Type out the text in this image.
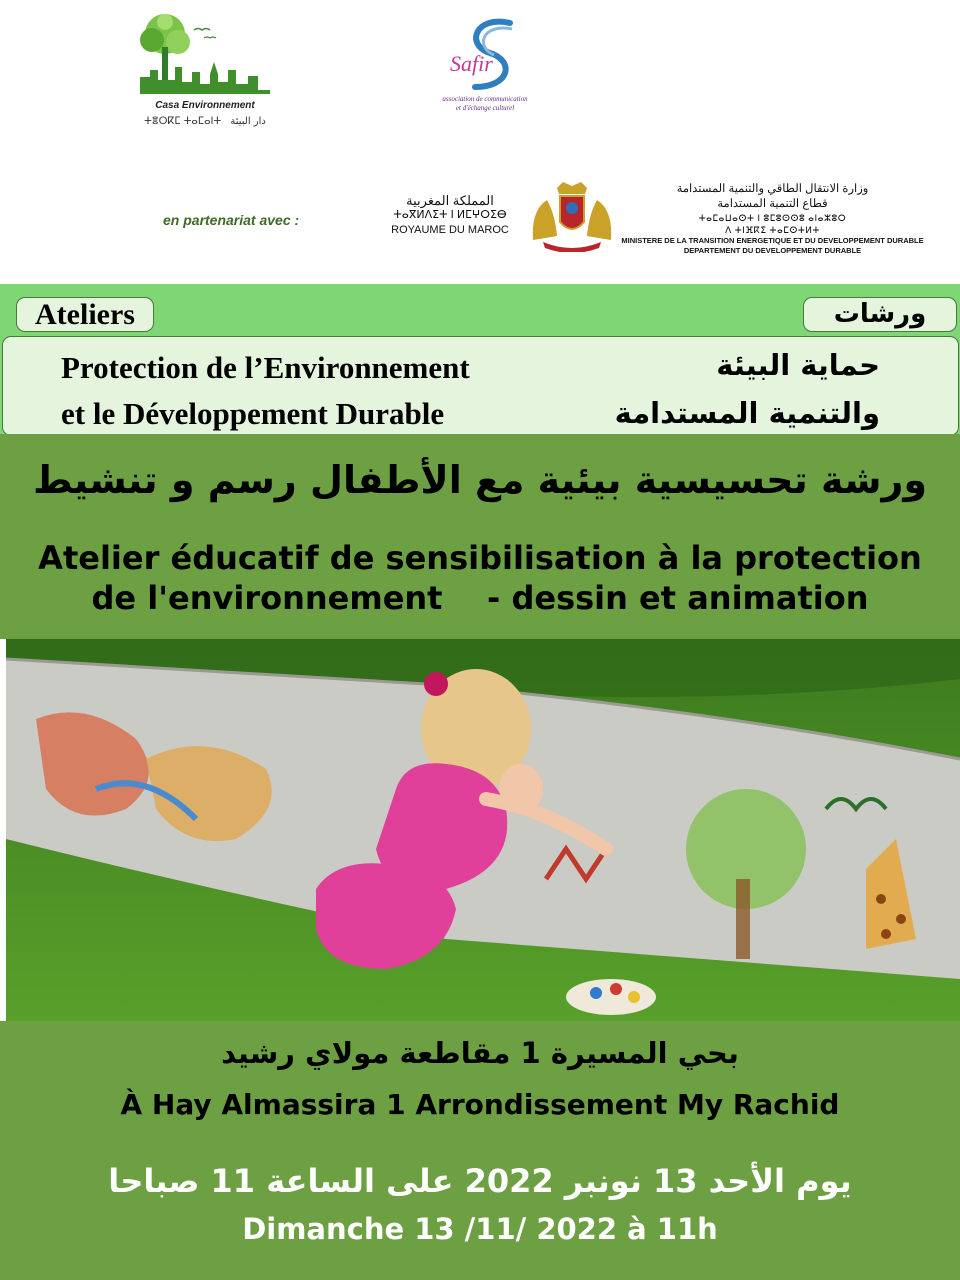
Casa Environnement
ⵜⴻⵔⴽⵎ ⵜⴰⵎⴰⵏⵜ دار البيئة
Safir
association de communication
et d'échange culturel
en partenariat avec :
المملكة المغربية
ⵜⴰⴳⵍⴷⵉⵜ ⵏ ⵍⵎⵖⵔⵉⴱ
ROYAUME DU MAROC
وزارة الانتقال الطاقي والتنمية المستدامة
قطاع التنمية المستدامة
ⵜⴰⵎⴰⵡⴰⵙⵜ ⵏ ⵓⵎⵓⵙⵙⵓ ⴰⵏⴰⵣⵓⵔ
ⴷ ⵜⵏⴼⴽⵉ ⵜⴰⵎⵙⵜⵍⵜ
MINISTERE DE LA TRANSITION ENERGETIQUE ET DU DEVELOPPEMENT DURABLE
DEPARTEMENT DU DEVELOPPEMENT DURABLE
Ateliers	ورشات
Protection de l’Environnement
et le Développement Durable
حماية البيئة
والتنمية المستدامة
ورشة تحسيسية بيئية مع الأطفال رسم و تنشيط
Atelier éducatif de sensibilisation à la protection
de l'environnement    - dessin et animation
بحي المسيرة 1 مقاطعة مولاي رشيد
À Hay Almassira 1 Arrondissement My Rachid
يوم الأحد 13 نونبر 2022 على الساعة 11 صباحا
Dimanche 13 /11/ 2022 à 11h
